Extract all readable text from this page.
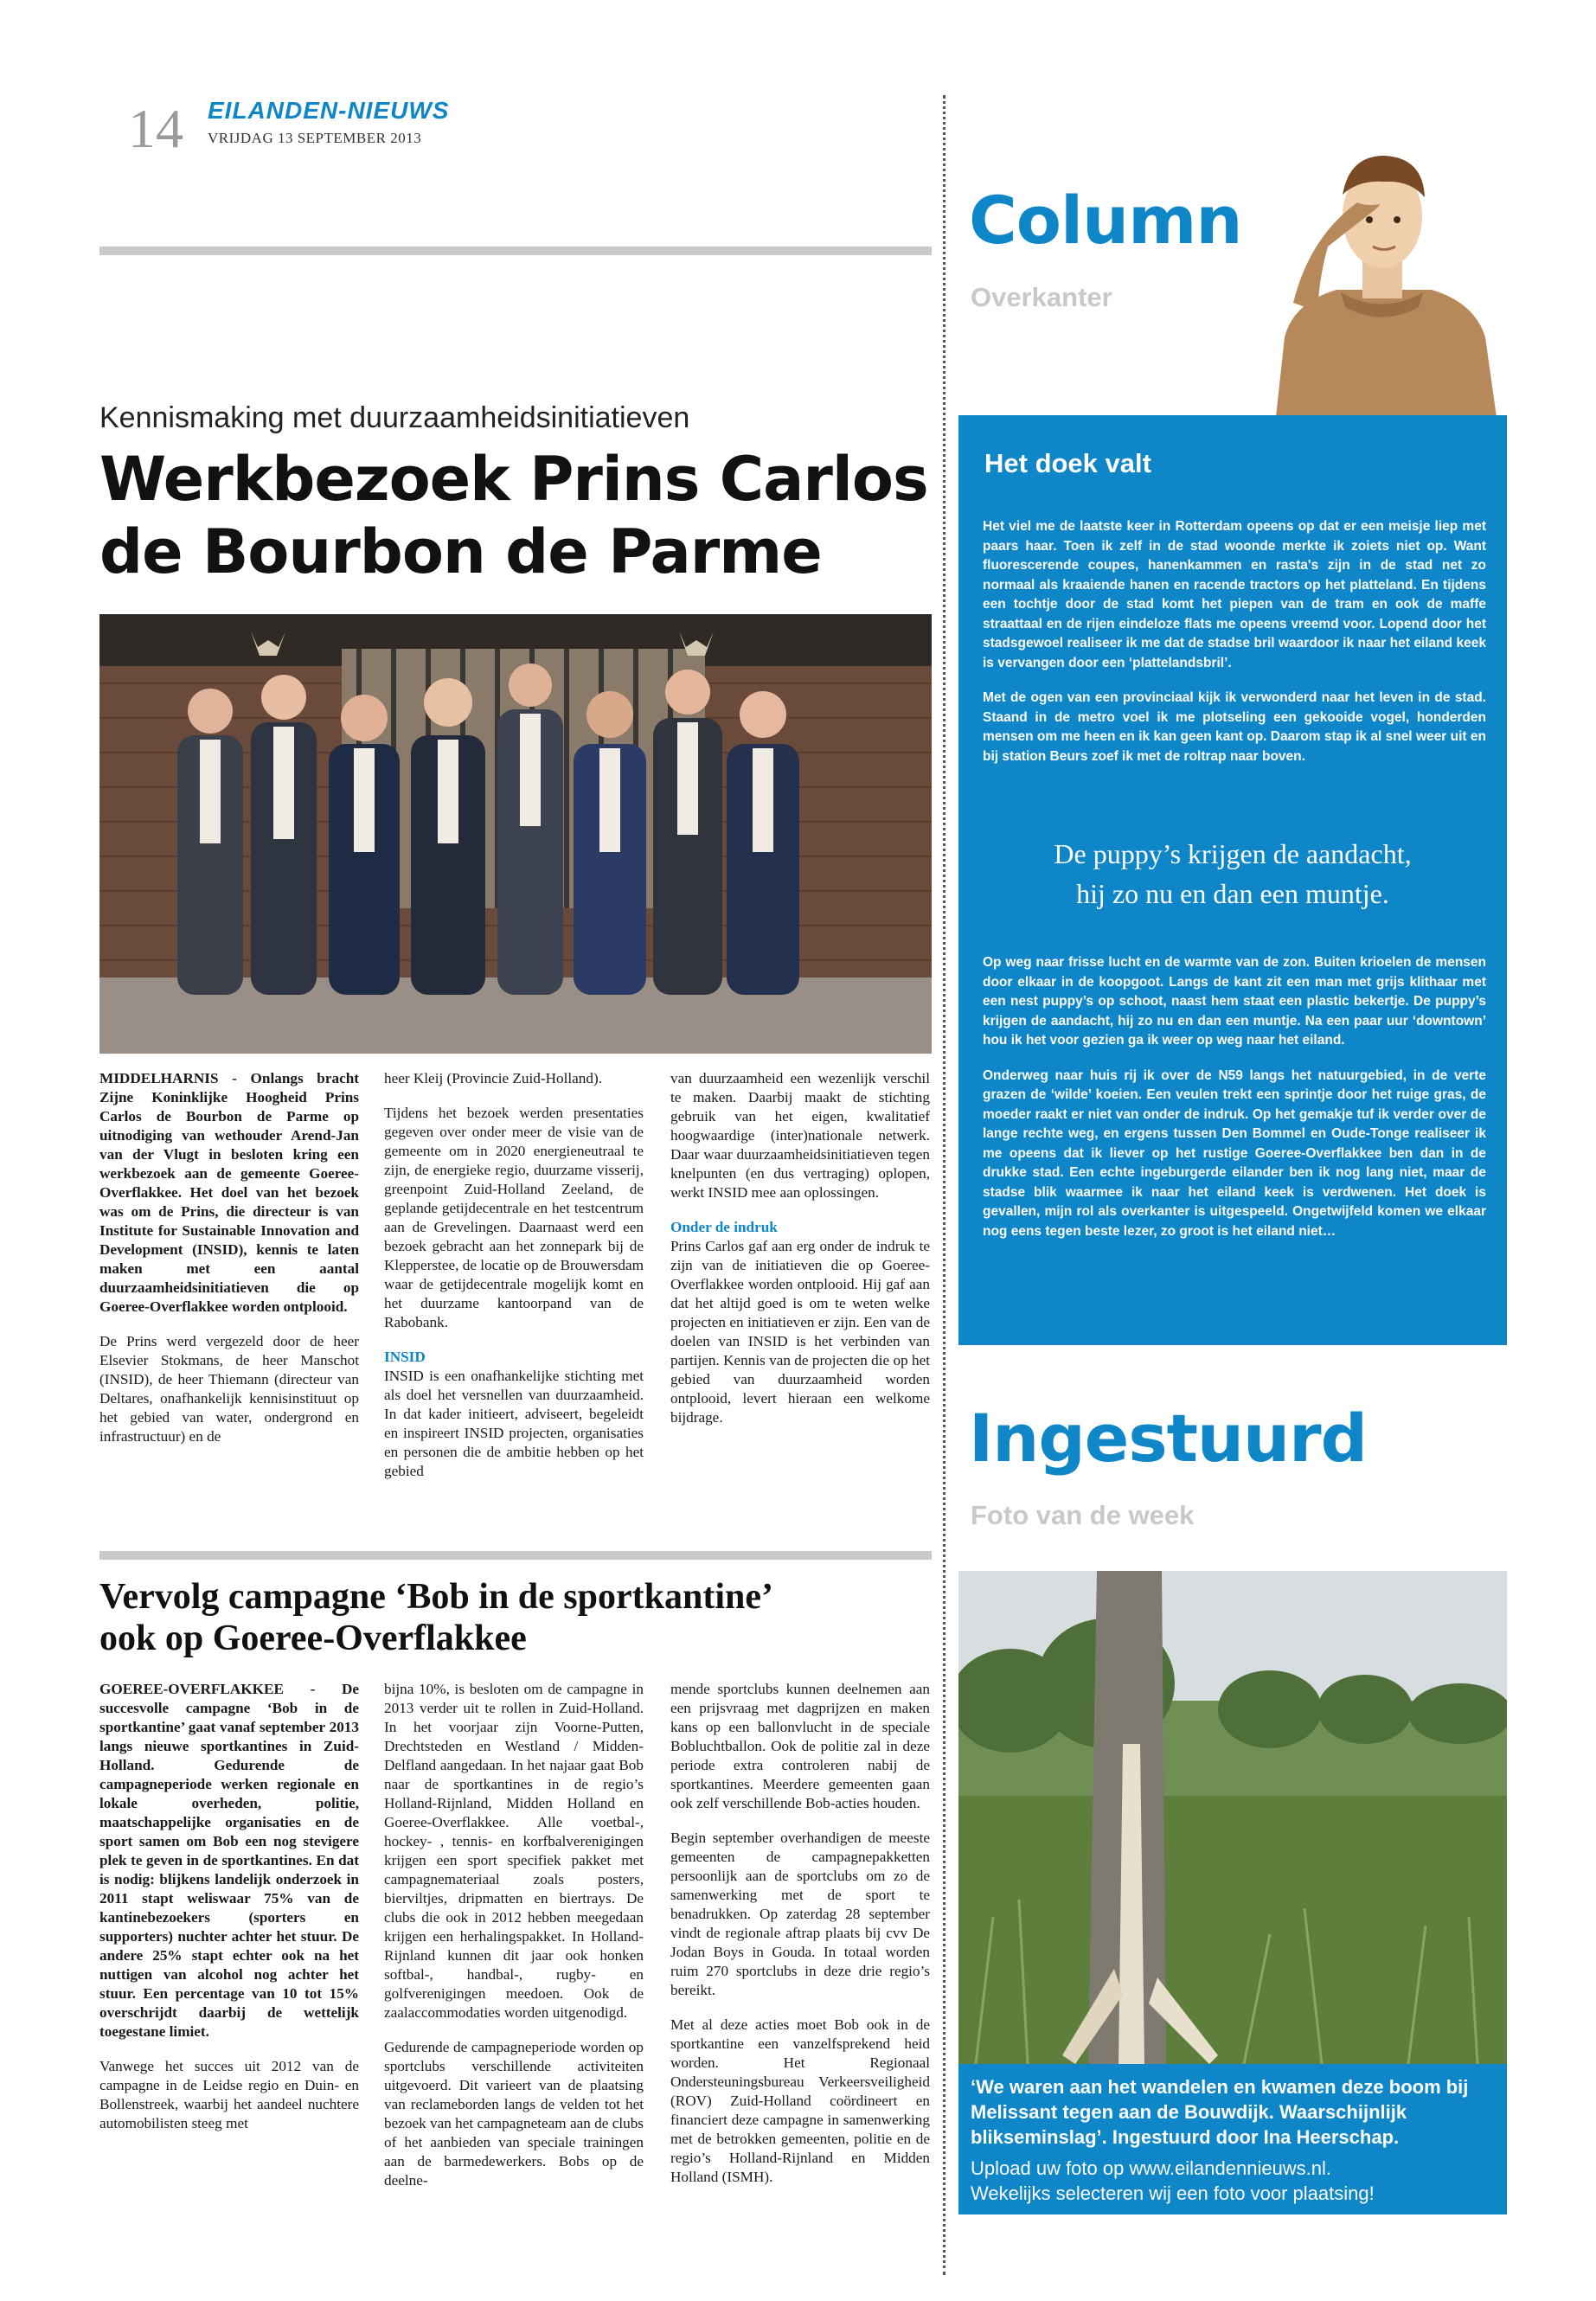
14 EILANDEN-NIEUWS
VRIJDAG 13 SEPTEMBER 2013
Column
Overkanter
Kennismaking met duurzaamheidsinitiatieven
Werkbezoek Prins Carlos de Bourbon de Parme

MIDDELHARNIS - Onlangs bracht Zijne Koninklijke Hoogheid Prins Carlos de Bourbon de Parme op uitnodiging van wethouder Arend-Jan van der Vlugt in besloten kring een werkbezoek aan de gemeente Goeree-Overflakkee. Het doel van het bezoek was om de Prins, die directeur is van Institute for Sustainable Innovation and Development (INSID), kennis te laten maken met een aantal duurzaamheidsinitiatieven die op Goeree-Overflakkee worden ontplooid.

De Prins werd vergezeld door de heer Elsevier Stokmans, de heer Manschot (INSID), de heer Thiemann (directeur van Deltares, onafhankelijk kennisinstituut op het gebied van water, ondergrond en infrastructuur) en de

heer Kleij (Provincie Zuid-Holland).

Tijdens het bezoek werden presentaties gegeven over onder meer de visie van de gemeente om in 2020 energieneutraal te zijn, de energieke regio, duurzame visserij, greenpoint Zuid-Holland Zeeland, de geplande getijdecentrale en het testcentrum aan de Grevelingen. Daarnaast werd een bezoek gebracht aan het zonnepark bij de Klepperstee, de locatie op de Brouwersdam waar de getijdecentrale mogelijk komt en het duurzame kantoorpand van de Rabobank.

INSID

INSID is een onafhankelijke stichting met als doel het versnellen van duurzaamheid. In dat kader initieert, adviseert, begeleidt en inspireert INSID projecten, organisaties en personen die de ambitie hebben op het gebied

van duurzaamheid een wezenlijk verschil te maken. Daarbij maakt de stichting gebruik van het eigen, kwalitatief hoogwaardige (inter)nationale netwerk. Daar waar duurzaamheidsinitiatieven tegen knelpunten (en dus vertraging) oplopen, werkt INSID mee aan oplossingen.

Onder de indruk

Prins Carlos gaf aan erg onder de indruk te zijn van de initiatieven die op Goeree-Overflakkee worden ontplooid. Hij gaf aan dat het altijd goed is om te weten welke projecten en initiatieven er zijn. Een van de doelen van INSID is het verbinden van partijen. Kennis van de projecten die op het gebied van duurzaamheid worden ontplooid, levert hieraan een welkome bijdrage.

Vervolg campagne ‘Bob in de sportkantine’
ook op Goeree-Overflakkee

GOEREE-OVERFLAKKEE - De succesvolle campagne ‘Bob in de sportkantine’ gaat vanaf september 2013 langs nieuwe sportkantines in Zuid-Holland. Gedurende de campagneperiode werken regionale en lokale overheden, politie, maatschappelijke organisaties en de sport samen om Bob een nog stevigere plek te geven in de sportkantines. En dat is nodig: blijkens landelijk onderzoek in 2011 stapt weliswaar 75% van de kantinebezoekers (sporters en supporters) nuchter achter het stuur. De andere 25% stapt echter ook na het nuttigen van alcohol nog achter het stuur. Een percentage van 10 tot 15% overschrijdt daarbij de wettelijk toegestane limiet.

Vanwege het succes uit 2012 van de campagne in de Leidse regio en Duin- en Bollenstreek, waarbij het aandeel nuchtere automobilisten steeg met

bijna 10%, is besloten om de campagne in 2013 verder uit te rollen in Zuid-Holland. In het voorjaar zijn Voorne-Putten, Drechtsteden en Westland / Midden-Delfland aangedaan. In het najaar gaat Bob naar de sportkantines in de regio’s Holland-Rijnland, Midden Holland en Goeree-Overflakkee. Alle voetbal-, hockey- , tennis- en korfbalverenigingen krijgen een sport specifiek pakket met campagnemateriaal zoals posters, bierviltjes, dripmatten en biertrays. De clubs die ook in 2012 hebben meegedaan krijgen een herhalingspakket. In Holland-Rijnland kunnen dit jaar ook honken softbal-, handbal-, rugby- en golfverenigingen meedoen. Ook de zaalaccommodaties worden uitgenodigd.

Gedurende de campagneperiode worden op sportclubs verschillende activiteiten uitgevoerd. Dit varieert van de plaatsing van reclameborden langs de velden tot het bezoek van het campagneteam aan de clubs of het aanbieden van speciale trainingen aan de barmedewerkers. Bobs op de deelne-

mende sportclubs kunnen deelnemen aan een prijsvraag met dagprijzen en maken kans op een ballonvlucht in de speciale Bobluchtballon. Ook de politie zal in deze periode extra controleren nabij de sportkantines. Meerdere gemeenten gaan ook zelf verschillende Bob-acties houden.

Begin september overhandigen de meeste gemeenten de campagnepakketten persoonlijk aan de sportclubs om zo de samenwerking met de sport te benadrukken. Op zaterdag 28 september vindt de regionale aftrap plaats bij cvv De Jodan Boys in Gouda. In totaal worden ruim 270 sportclubs in deze drie regio’s bereikt.

Met al deze acties moet Bob ook in de sportkantine een vanzelfsprekend heid worden. Het Regionaal Ondersteuningsbureau Verkeersveiligheid (ROV) Zuid-Holland coördineert en financiert deze campagne in samenwerking met de betrokken gemeenten, politie en de regio’s Holland-Rijnland en Midden Holland (ISMH).

Het doek valt

Het viel me de laatste keer in Rotterdam opeens op dat er een meisje liep met paars haar. Toen ik zelf in de stad woonde merkte ik zoiets niet op. Want fluorescerende coupes, hanenkammen en rasta's zijn in de stad net zo normaal als kraaiende hanen en racende tractors op het platteland. En tijdens een tochtje door de stad komt het piepen van de tram en ook de maffe straattaal en de rijen eindeloze flats me opeens vreemd voor. Lopend door het stadsgewoel realiseer ik me dat de stadse bril waardoor ik naar het eiland keek is vervangen door een ‘plattelandsbril’.

Met de ogen van een provinciaal kijk ik verwonderd naar het leven in de stad. Staand in de metro voel ik me plotseling een gekooide vogel, honderden mensen om me heen en ik kan geen kant op. Daarom stap ik al snel weer uit en bij station Beurs zoef ik met de roltrap naar boven.

De puppy’s krijgen de aandacht,
hij zo nu en dan een muntje.

Op weg naar frisse lucht en de warmte van de zon. Buiten krioelen de mensen door elkaar in de koopgoot. Langs de kant zit een man met grijs klithaar met een nest puppy’s op schoot, naast hem staat een plastic bekertje. De puppy’s krijgen de aandacht, hij zo nu en dan een muntje. Na een paar uur ‘downtown’ hou ik het voor gezien ga ik weer op weg naar het eiland.

Onderweg naar huis rij ik over de N59 langs het natuurgebied, in de verte grazen de ‘wilde’ koeien. Een veulen trekt een sprintje door het ruige gras, de moeder raakt er niet van onder de indruk. Op het gemakje tuf ik verder over de lange rechte weg, en ergens tussen Den Bommel en Oude-Tonge realiseer ik me opeens dat ik liever op het rustige Goeree-Overflakkee ben dan in de drukke stad. Een echte ingeburgerde eilander ben ik nog lang niet, maar de stadse blik waarmee ik naar het eiland keek is verdwenen. Het doek is gevallen, mijn rol als overkanter is uitgespeeld. Ongetwijfeld komen we elkaar nog eens tegen beste lezer, zo groot is het eiland niet…

Ingestuurd
Foto van de week
‘We waren aan het wandelen en kwamen deze boom bij Melissant tegen aan de Bouwdijk. Waarschijnlijk blikseminslag’. Ingestuurd door Ina Heerschap.
Upload uw foto op www.eilandennieuws.nl.
Wekelijks selecteren wij een foto voor plaatsing!
